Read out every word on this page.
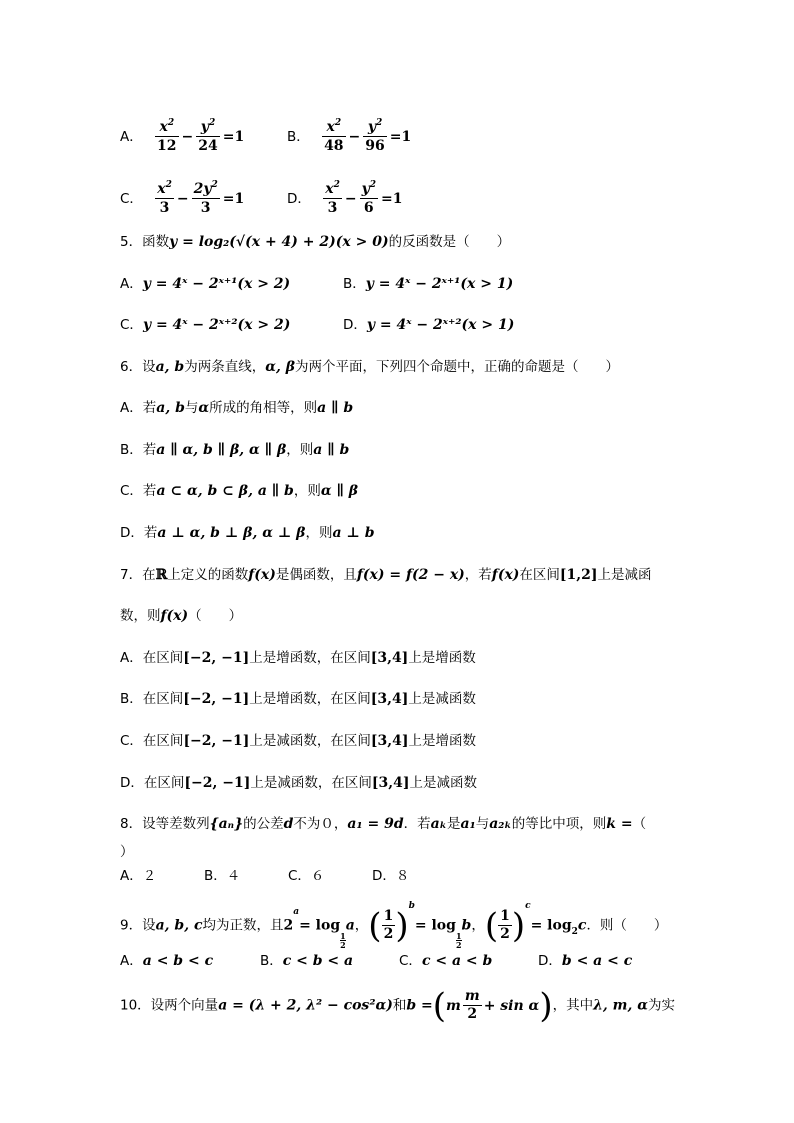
A． $\frac{x^2}{12} - \frac{y^2}{24} =1$	B． $\frac{x^2}{48} - \frac{y^2}{96} =1$
C． $\frac{x^2}{3} - \frac{2y^2}{3} =1$	D． $\frac{x^2}{3} - \frac{y^2}{6} =1$
5．函数y = log₂(√(x + 4) + 2)(x > 0)的反函数是（　　）
A．y = 4ˣ − 2ˣ⁺¹(x > 2)	B．y = 4ˣ − 2ˣ⁺¹(x > 1)
C．y = 4ˣ − 2ˣ⁺²(x > 2)	D．y = 4ˣ − 2ˣ⁺²(x > 1)
6．设a, b为两条直线，α, β为两个平面，下列四个命题中，正确的命题是（　　）
A．若a, b与α所成的角相等，则a ∥ b
B．若a ∥ α, b ∥ β, α ∥ β，则a ∥ b
C．若a ⊂ α, b ⊂ β, a ∥ b，则α ∥ β
D．若a ⊥ α, b ⊥ β, α ⊥ β，则a ⊥ b
7．在ℝ上定义的函数f(x)是偶函数，且f(x) = f(2 − x)，若f(x)在区间[1,2]上是减函
数，则f(x)（　　）
A．在区间[−2, −1]上是增函数，在区间[3,4]上是增函数
B．在区间[−2, −1]上是增函数，在区间[3,4]上是减函数
C．在区间[−2, −1]上是减函数，在区间[3,4]上是增函数
D．在区间[−2, −1]上是减函数，在区间[3,4]上是减函数
8．设等差数列{aₙ}的公差d不为０，a₁ = 9d．若aₖ是a₁与a₂ₖ的等比中项，则k =（
）
A．２	B．４	C．６	D．８
9．设a, b, c均为正数，且$2^a= \log$
$\frac{1}{2}$
a， ( 1
2 ) $^b$= log
$\frac{1}{2}$
b， ( 1
2 ) $^c= \log_2c$．则（　　）
A．a < b < c	B．c < b < a	C．c < a < b	D．b < a < c
10．设两个向量a = (λ + 2, λ² − cos²α)和b = ( m
m
2
+ sin α ) ，其中λ, m, α为实
